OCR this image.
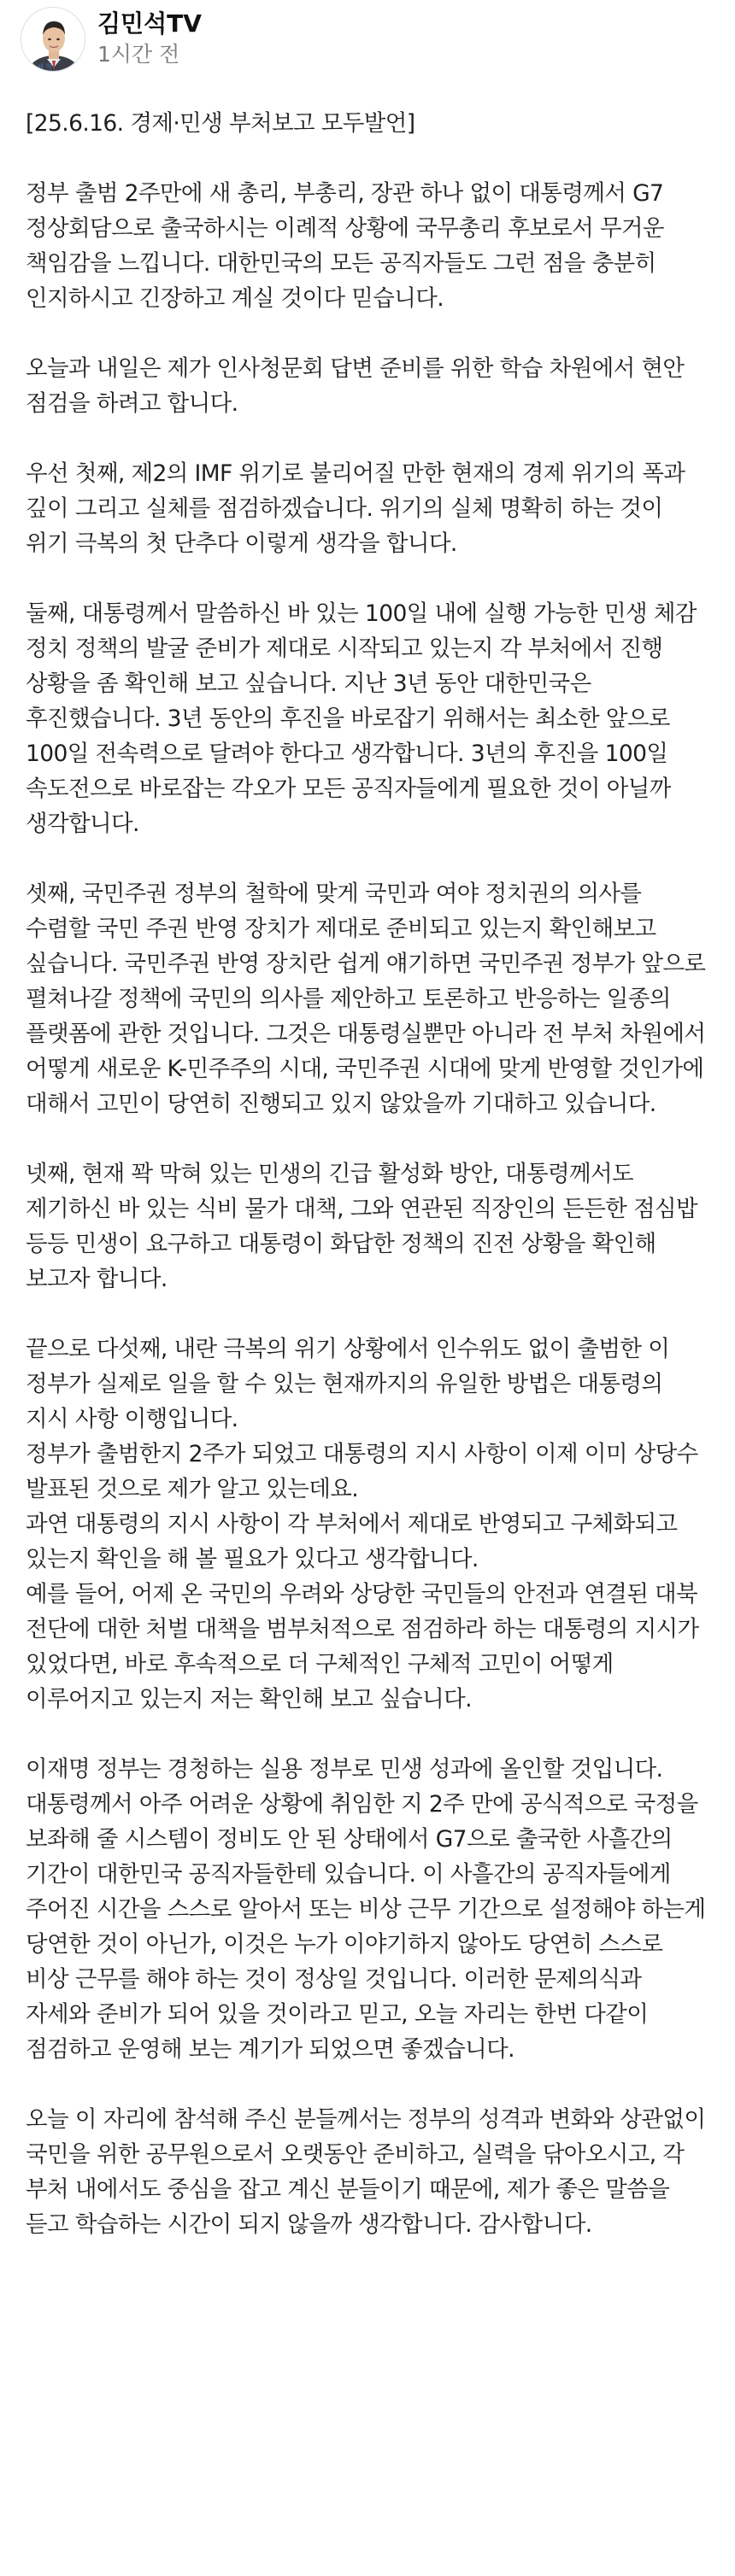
민 세 혁
김민석TV
1시간 전

[25.6.16. 경제·민생 부처보고 모두발언]

정부 출범 2주만에 새 총리, 부총리, 장관 하나 없이 대통령께서 G7 정상회담으로 출국하시는 이례적 상황에 국무총리 후보로서 무거운 책임감을 느낍니다. 대한민국의 모든 공직자들도 그런 점을 충분히 인지하시고 긴장하고 계실 것이다 믿습니다.

오늘과 내일은 제가 인사청문회 답변 준비를 위한 학습 차원에서 현안 점검을 하려고 합니다.

우선 첫째, 제2의 IMF 위기로 불리어질 만한 현재의 경제 위기의 폭과 깊이 그리고 실체를 점검하겠습니다. 위기의 실체 명확히 하는 것이 위기 극복의 첫 단추다 이렇게 생각을 합니다.

둘째, 대통령께서 말씀하신 바 있는 100일 내에 실행 가능한 민생 체감 정치 정책의 발굴 준비가 제대로 시작되고 있는지 각 부처에서 진행 상황을 좀 확인해 보고 싶습니다. 지난 3년 동안 대한민국은 후진했습니다. 3년 동안의 후진을 바로잡기 위해서는 최소한 앞으로 100일 전속력으로 달려야 한다고 생각합니다. 3년의 후진을 100일 속도전으로 바로잡는 각오가 모든 공직자들에게 필요한 것이 아닐까 생각합니다.

셋째, 국민주권 정부의 철학에 맞게 국민과 여야 정치권의 의사를 수렴할 국민 주권 반영 장치가 제대로 준비되고 있는지 확인해보고 싶습니다. 국민주권 반영 장치란 쉽게 얘기하면 국민주권 정부가 앞으로 펼쳐나갈 정책에 국민의 의사를 제안하고 토론하고 반응하는 일종의 플랫폼에 관한 것입니다. 그것은 대통령실뿐만 아니라 전 부처 차원에서 어떻게 새로운 K-민주주의 시대, 국민주권 시대에 맞게 반영할 것인가에 대해서 고민이 당연히 진행되고 있지 않았을까 기대하고 있습니다.

넷째, 현재 꽉 막혀 있는 민생의 긴급 활성화 방안, 대통령께서도 제기하신 바 있는 식비 물가 대책, 그와 연관된 직장인의 든든한 점심밥 등등 민생이 요구하고 대통령이 화답한 정책의 진전 상황을 확인해 보고자 합니다.

끝으로 다섯째, 내란 극복의 위기 상황에서 인수위도 없이 출범한 이 정부가 실제로 일을 할 수 있는 현재까지의 유일한 방법은 대통령의 지시 사항 이행입니다.
정부가 출범한지 2주가 되었고 대통령의 지시 사항이 이제 이미 상당수 발표된 것으로 제가 알고 있는데요.
과연 대통령의 지시 사항이 각 부처에서 제대로 반영되고 구체화되고 있는지 확인을 해 볼 필요가 있다고 생각합니다.
예를 들어, 어제 온 국민의 우려와 상당한 국민들의 안전과 연결된 대북 전단에 대한 처벌 대책을 범부처적으로 점검하라 하는 대통령의 지시가 있었다면, 바로 후속적으로 더 구체적인 구체적 고민이 어떻게 이루어지고 있는지 저는 확인해 보고 싶습니다.

이재명 정부는 경청하는 실용 정부로 민생 성과에 올인할 것입니다.
대통령께서 아주 어려운 상황에 취임한 지 2주 만에 공식적으로 국정을 보좌해 줄 시스템이 정비도 안 된 상태에서 G7으로 출국한 사흘간의 기간이 대한민국 공직자들한테 있습니다. 이 사흘간의 공직자들에게 주어진 시간을 스스로 알아서 또는 비상 근무 기간으로 설정해야 하는게 당연한 것이 아닌가, 이것은 누가 이야기하지 않아도 당연히 스스로 비상 근무를 해야 하는 것이 정상일 것입니다. 이러한 문제의식과 자세와 준비가 되어 있을 것이라고 믿고, 오늘 자리는 한번 다같이 점검하고 운영해 보는 계기가 되었으면 좋겠습니다.

오늘 이 자리에 참석해 주신 분들께서는 정부의 성격과 변화와 상관없이 국민을 위한 공무원으로서 오랫동안 준비하고, 실력을 닦아오시고, 각 부처 내에서도 중심을 잡고 계신 분들이기 때문에, 제가 좋은 말씀을 듣고 학습하는 시간이 되지 않을까 생각합니다. 감사합니다.
